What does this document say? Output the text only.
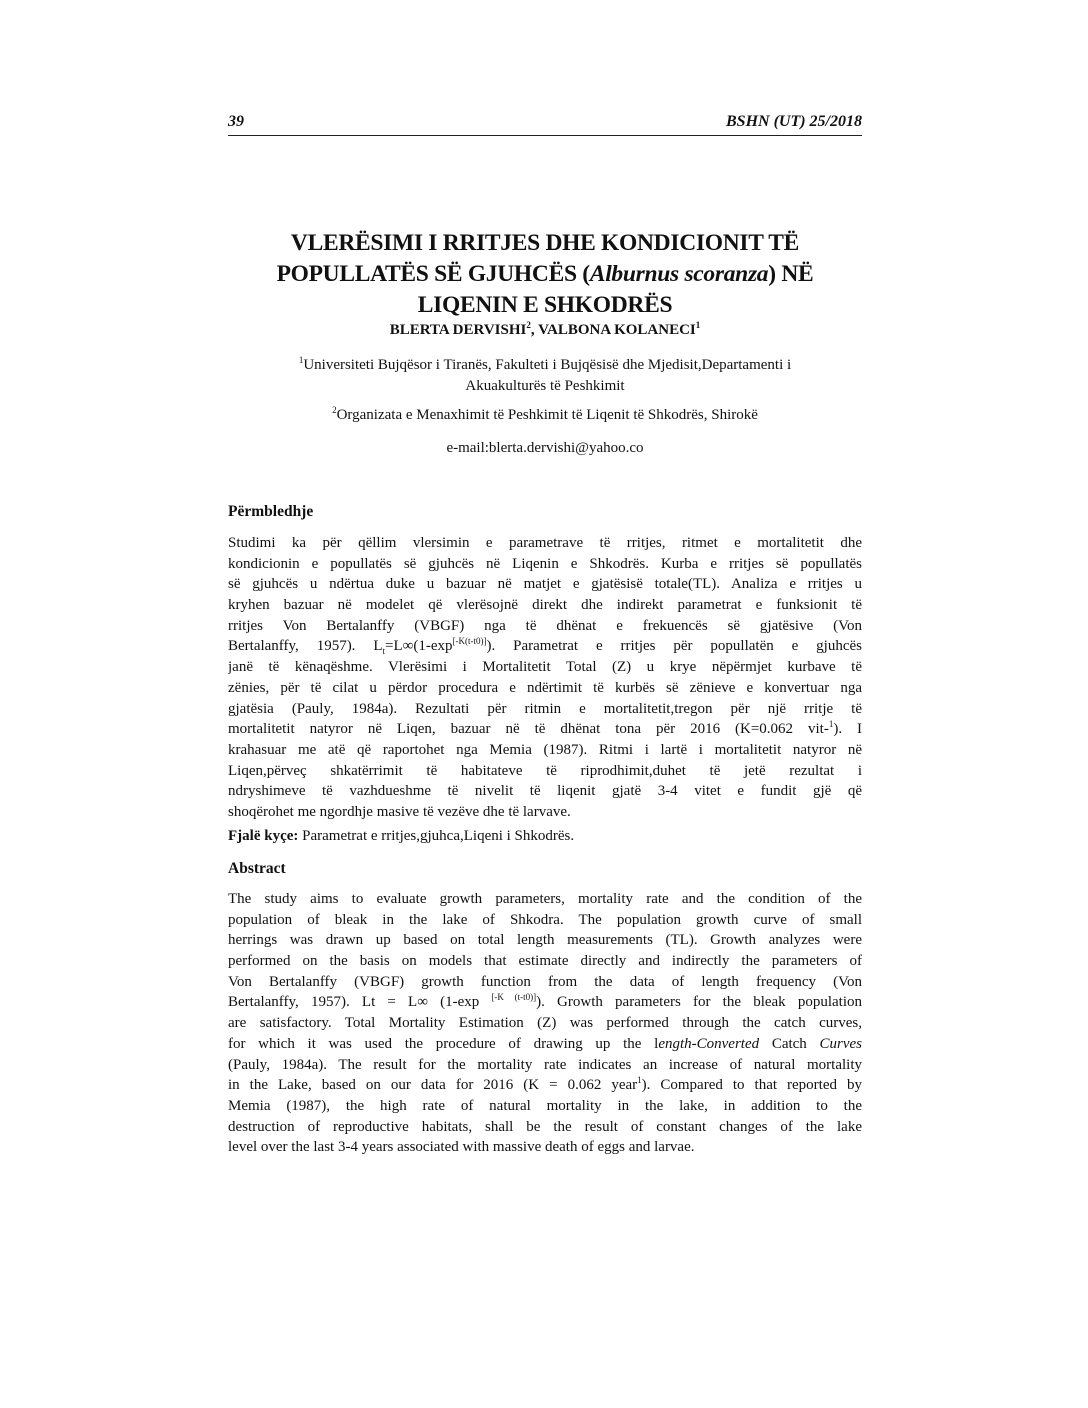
39	BSHN (UT) 25/2018
VLERËSIMI I RRITJES DHE KONDICIONIT TË
POPULLATËS SË GJUHCËS (Alburnus scoranza) NË
LIQENIN E SHKODRËS
BLERTA DERVISHI$^2$, VALBONA KOLANECI$^1$
$^1$Universiteti Bujqësor i Tiranës, Fakulteti i Bujqësisë dhe Mjedisit,Departamenti i
Akuakulturës të Peshkimit
$^2$Organizata e Menaxhimit të Peshkimit të Liqenit të Shkodrës, Shirokë
e-mail:blerta.dervishi@yahoo.co
Përmbledhje
Studimi ka për qëllim vlersimin e parametrave të rritjes, ritmet e mortalitetit dhe
kondicionin e popullatës së gjuhcës në Liqenin e Shkodrës. Kurba e rritjes së popullatës
së gjuhcës u ndërtua duke u bazuar në matjet e gjatësisë totale(TL). Analiza e rritjes u
kryhen bazuar në modelet që vlerësojnë direkt dhe indirekt parametrat e funksionit të
rritjes Von Bertalanffy (VBGF) nga të dhënat e frekuencës së gjatësive (Von
Bertalanffy, 1957). $L_t=L\infty(1-\exp[-K(t-t0)])$. Parametrat e rritjes për popullatën e gjuhcës
janë të kënaqëshme. Vlerësimi i Mortalitetit Total (Z) u krye nëpërmjet kurbave të
zënies, për të cilat u përdor procedura e ndërtimit të kurbës së zënieve e konvertuar nga
gjatësia (Pauly, 1984a). Rezultati për ritmin e mortalitetit,tregon për një rritje të
mortalitetit natyror në Liqen, bazuar në të dhënat tona për 2016 (K=0.062 vit-$^1$). I
krahasuar me atë që raportohet nga Memia (1987). Ritmi i lartë i mortalitetit natyror në
Liqen,përveç shkatërrimit të habitateve të riprodhimit,duhet të jetë rezultat i
ndryshimeve të vazhdueshme të nivelit të liqenit gjatë 3-4 vitet e fundit gjë që
shoqërohet me ngordhje masive të vezëve dhe të larvave.
Fjalë kyçe: Parametrat e rritjes,gjuhca,Liqeni i Shkodrës.
Abstract
The study aims to evaluate growth parameters, mortality rate and the condition of the
population of bleak in the lake of Shkodra. The population growth curve of small
herrings was drawn up based on total length measurements (TL). Growth analyzes were
performed on the basis on models that estimate directly and indirectly the parameters of
Von Bertalanffy (VBGF) growth function from the data of length frequency (Von
Bertalanffy, 1957). Lt = L∞ (1-exp [-K (t-t0)]). Growth parameters for the bleak population
are satisfactory. Total Mortality Estimation (Z) was performed through the catch curves,
for which it was used the procedure of drawing up the length-Converted Catch Curves
(Pauly, 1984a). The result for the mortality rate indicates an increase of natural mortality
in the Lake, based on our data for 2016 (K = 0.062 year$^1$). Compared to that reported by
Memia (1987), the high rate of natural mortality in the lake, in addition to the
destruction of reproductive habitats, shall be the result of constant changes of the lake
level over the last 3-4 years associated with massive death of eggs and larvae.
